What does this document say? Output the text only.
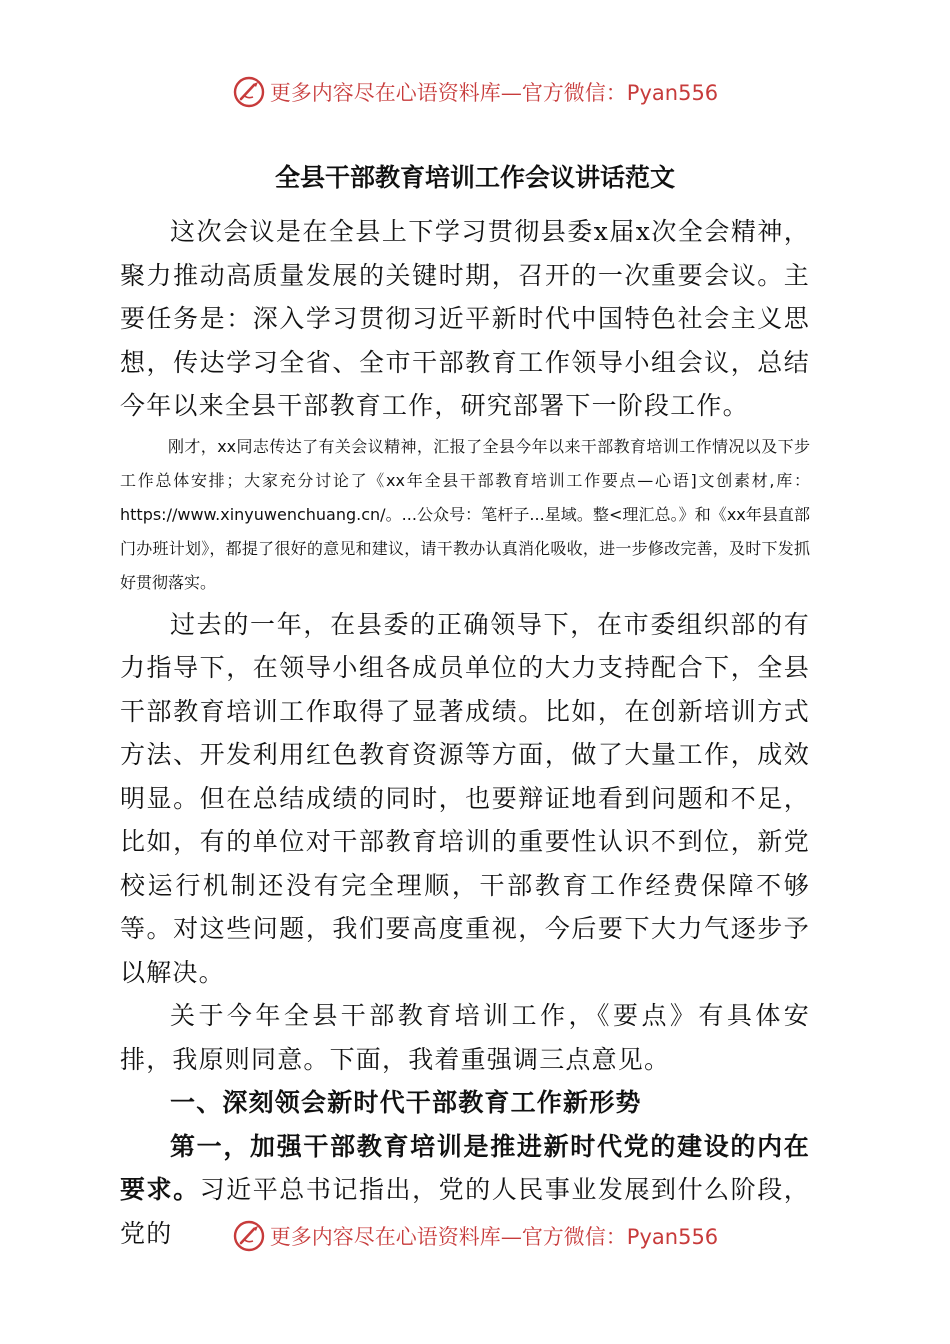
更多内容尽在心语资料库—官方微信：Pyan556
全县干部教育培训工作会议讲话范文

这次会议是在全县上下学习贯彻县委x届x次全会精神，聚力推动高质量发展的关键时期，召开的一次重要会议。主要任务是：深入学习贯彻习近平新时代中国特色社会主义思想，传达学习全省、全市干部教育工作领导小组会议，总结今年以来全县干部教育工作，研究部署下一阶段工作。

刚才，xx同志传达了有关会议精神，汇报了全县今年以来干部教育培训工作情况以及下步工作总体安排；大家充分讨论了《xx年全县干部教育培训工作要点—心语]文创素材,库：https://www.xinyuwenchuang.cn/。...公众号：笔杆子...星域。整<理汇总。》和《xx年县直部门办班计划》，都提了很好的意见和建议，请干教办认真消化吸收，进一步修改完善，及时下发抓好贯彻落实。

过去的一年，在县委的正确领导下，在市委组织部的有力指导下，在领导小组各成员单位的大力支持配合下，全县干部教育培训工作取得了显著成绩。比如，在创新培训方式方法、开发利用红色教育资源等方面，做了大量工作，成效明显。但在总结成绩的同时，也要辩证地看到问题和不足，比如，有的单位对干部教育培训的重要性认识不到位，新党校运行机制还没有完全理顺，干部教育工作经费保障不够等。对这些问题，我们要高度重视，今后要下大力气逐步予以解决。

关于今年全县干部教育培训工作，《要点》有具体安排，我原则同意。下面，我着重强调三点意见。

一、深刻领会新时代干部教育工作新形势

第一，加强干部教育培训是推进新时代党的建设的内在要求。习近平总书记指出，党的人民事业发展到什么阶段，党的	更多内容尽在心语资料库—官方微信：Pyan556
